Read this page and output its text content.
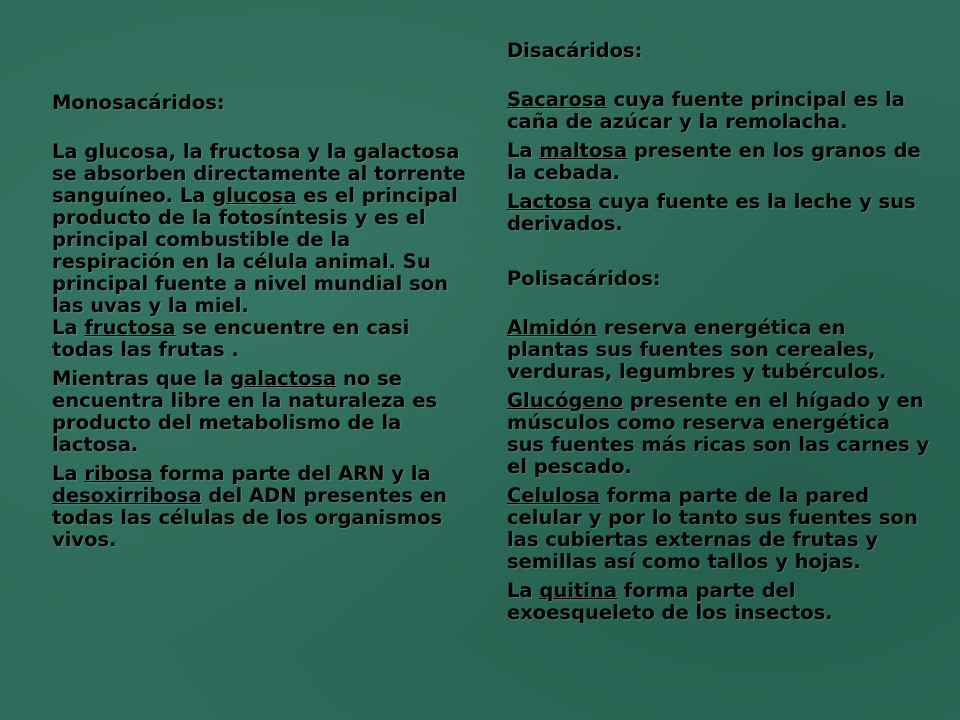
Monosacáridos:
La glucosa, la fructosa y la galactosa se absorben directamente al torrente sanguíneo. La glucosa es el principal producto de la fotosíntesis y es el principal combustible de la respiración en la célula animal. Su principal fuente a nivel mundial son las uvas y la miel.
La fructosa se encuentre en casi todas las frutas .
Mientras que la galactosa no se encuentra libre en la naturaleza es producto del metabolismo de la lactosa.
La ribosa forma parte del ARN y la desoxirribosa del ADN presentes en todas las células de los organismos vivos.
Disacáridos:
Sacarosa cuya fuente principal es la caña de azúcar y la remolacha.
La maltosa presente en los granos de la cebada.
Lactosa cuya fuente es la leche y sus derivados.
Polisacáridos:
Almidón reserva energética en plantas sus fuentes son cereales, verduras, legumbres y tubérculos.
Glucógeno presente en el hígado y en músculos como reserva energética sus fuentes más ricas son las carnes y el pescado.
Celulosa forma parte de la pared celular y por lo tanto sus fuentes son las cubiertas externas de frutas y semillas así como tallos y hojas.
La quitina forma parte del exoesqueleto de los insectos.
